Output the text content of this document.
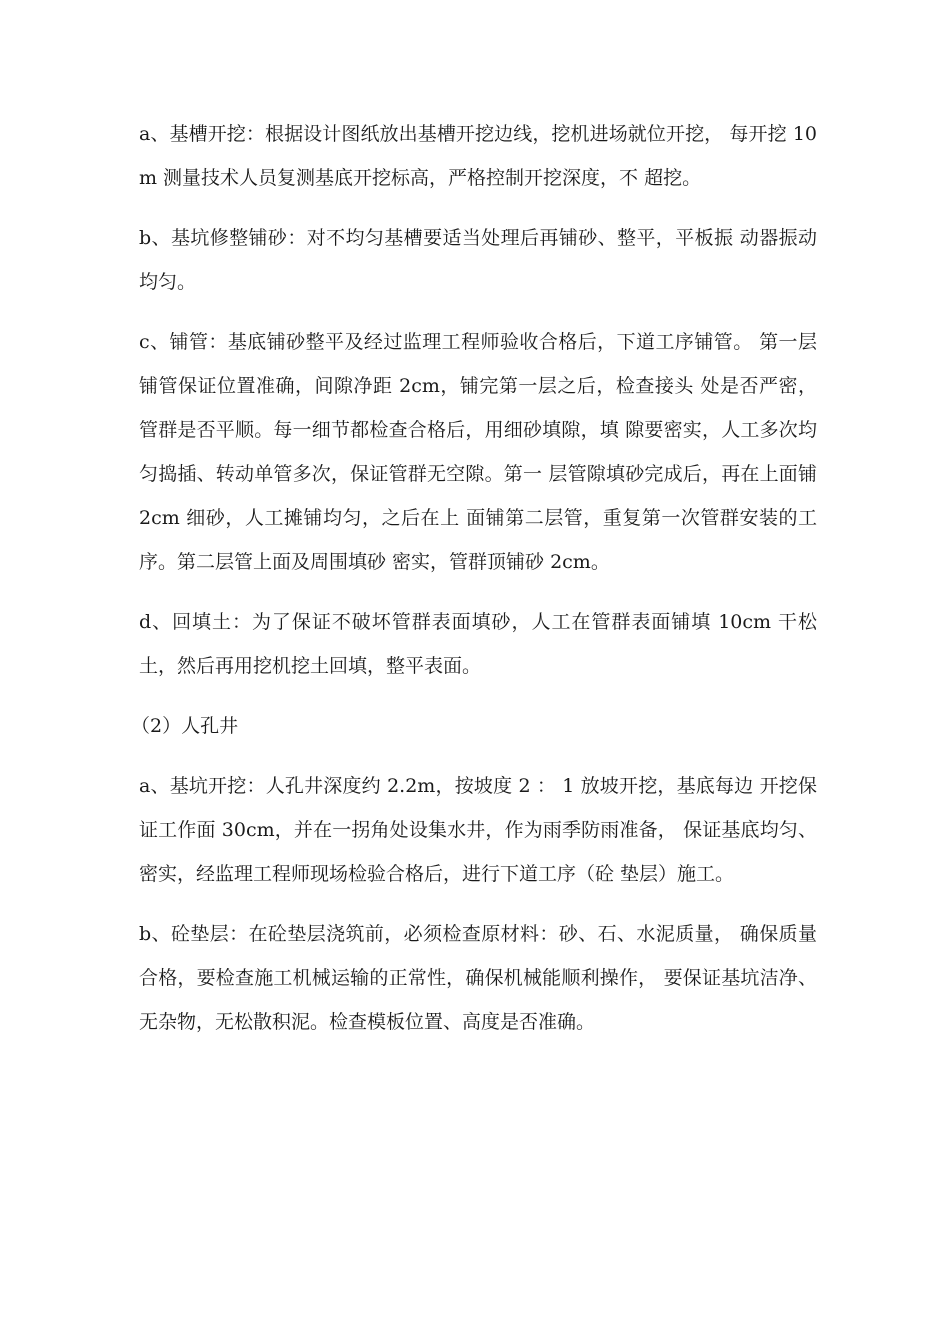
a、基槽开挖：根据设计图纸放出基槽开挖边线，挖机进场就位开挖， 每开挖 10m 测量技术人员复测基底开挖标高，严格控制开挖深度，不 超挖。

b、基坑修整铺砂：对不均匀基槽要适当处理后再铺砂、整平，平板振 动器振动均匀。

c、铺管：基底铺砂整平及经过监理工程师验收合格后，下道工序铺管。 第一层铺管保证位置准确，间隙净距 2cm，铺完第一层之后，检查接头 处是否严密，管群是否平顺。每一细节都检查合格后，用细砂填隙，填 隙要密实，人工多次均匀捣插、转动单管多次，保证管群无空隙。第一 层管隙填砂完成后，再在上面铺 2cm 细砂，人工摊铺均匀，之后在上 面铺第二层管，重复第一次管群安装的工序。第二层管上面及周围填砂 密实，管群顶铺砂 2cm。

d、回填土：为了保证不破坏管群表面填砂，人工在管群表面铺填 10cm 干松土，然后再用挖机挖土回填，整平表面。

（2）人孔井

a、基坑开挖：人孔井深度约 2.2m，按坡度 2 ： 1 放坡开挖，基底每边 开挖保证工作面 30cm，并在一拐角处设集水井，作为雨季防雨准备， 保证基底均匀、密实，经监理工程师现场检验合格后，进行下道工序（砼 垫层）施工。

b、砼垫层：在砼垫层浇筑前，必须检查原材料：砂、石、水泥质量， 确保质量合格，要检查施工机械运输的正常性，确保机械能顺利操作， 要保证基坑洁净、无杂物，无松散积泥。检查模板位置、高度是否准确。
